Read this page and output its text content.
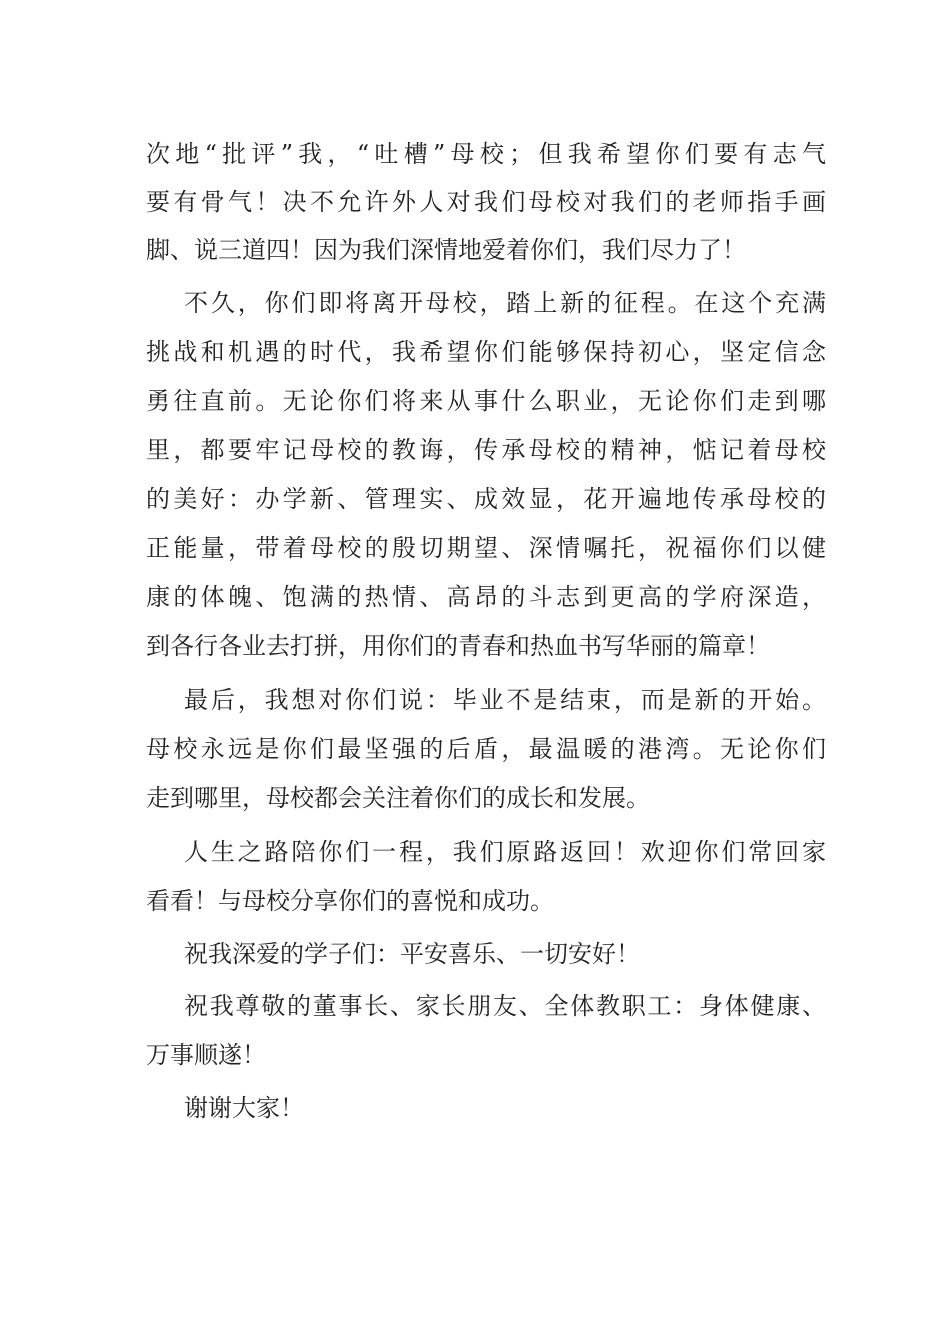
次地“批评”我，“吐槽”母校；但我希望你们要有志气
要有骨气！决不允许外人对我们母校对我们的老师指手画
脚、说三道四！因为我们深情地爱着你们，我们尽力了！
不久，你们即将离开母校，踏上新的征程。在这个充满
挑战和机遇的时代，我希望你们能够保持初心，坚定信念
勇往直前。无论你们将来从事什么职业，无论你们走到哪
里，都要牢记母校的教诲，传承母校的精神，惦记着母校
的美好：办学新、管理实、成效显，花开遍地传承母校的
正能量，带着母校的殷切期望、深情嘱托，祝福你们以健
康的体魄、饱满的热情、高昂的斗志到更高的学府深造，
到各行各业去打拼，用你们的青春和热血书写华丽的篇章！
最后，我想对你们说：毕业不是结束，而是新的开始。
母校永远是你们最坚强的后盾，最温暖的港湾。无论你们
走到哪里，母校都会关注着你们的成长和发展。
人生之路陪你们一程，我们原路返回！欢迎你们常回家
看看！与母校分享你们的喜悦和成功。
祝我深爱的学子们：平安喜乐、一切安好！
祝我尊敬的董事长、家长朋友、全体教职工：身体健康、
万事顺遂！
谢谢大家！
